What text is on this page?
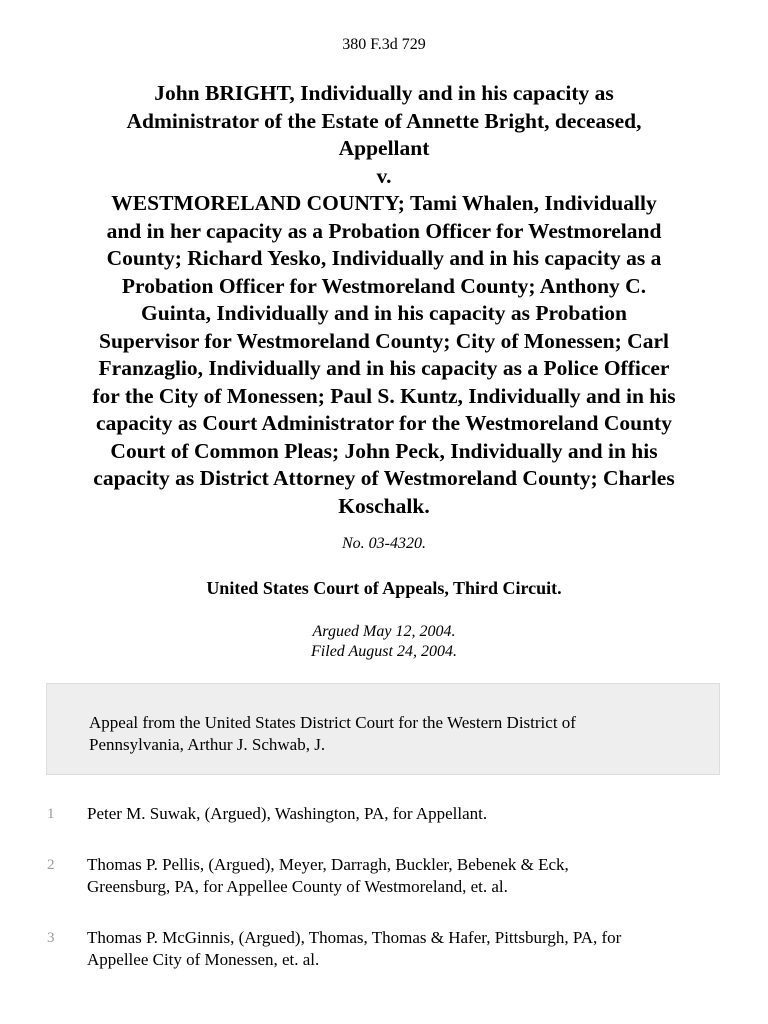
380 F.3d 729
John BRIGHT, Individually and in his capacity as
Administrator of the Estate of Annette Bright, deceased,
Appellant
v.
WESTMORELAND COUNTY; Tami Whalen, Individually
and in her capacity as a Probation Officer for Westmoreland
County; Richard Yesko, Individually and in his capacity as a
Probation Officer for Westmoreland County; Anthony C.
Guinta, Individually and in his capacity as Probation
Supervisor for Westmoreland County; City of Monessen; Carl
Franzaglio, Individually and in his capacity as a Police Officer
for the City of Monessen; Paul S. Kuntz, Individually and in his
capacity as Court Administrator for the Westmoreland County
Court of Common Pleas; John Peck, Individually and in his
capacity as District Attorney of Westmoreland County; Charles
Koschalk.
No. 03-4320.
United States Court of Appeals, Third Circuit.
Argued May 12, 2004.
Filed August 24, 2004.
Appeal from the United States District Court for the Western District of
Pennsylvania, Arthur J. Schwab, J.
1 Peter M. Suwak, (Argued), Washington, PA, for Appellant.
2 Thomas P. Pellis, (Argued), Meyer, Darragh, Buckler, Bebenek & Eck,
Greensburg, PA, for Appellee County of Westmoreland, et. al.
3 Thomas P. McGinnis, (Argued), Thomas, Thomas & Hafer, Pittsburgh, PA, for
Appellee City of Monessen, et. al.
